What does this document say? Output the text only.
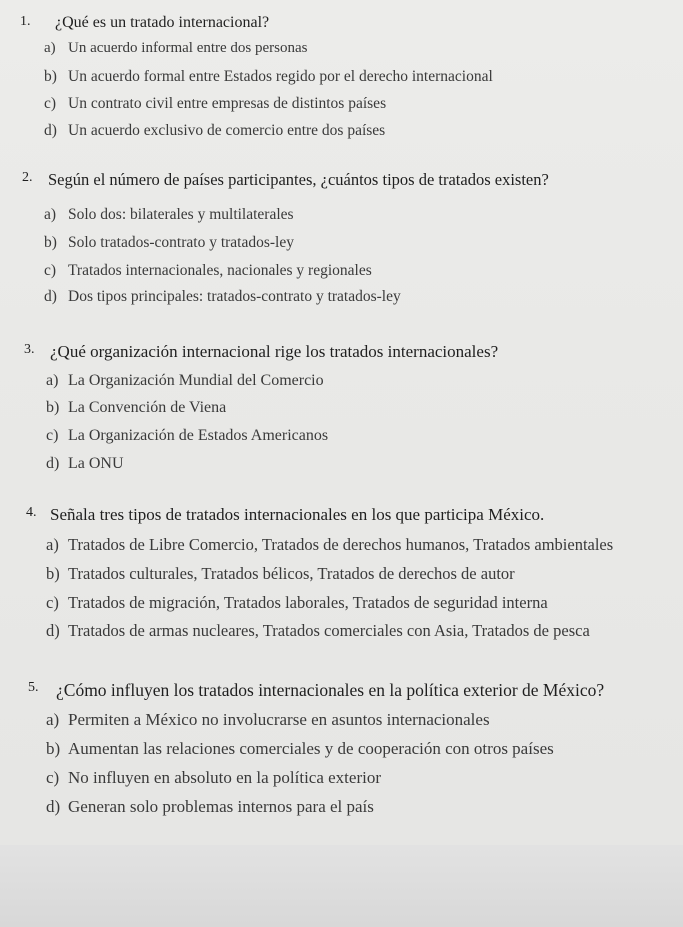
1. ¿Qué es un tratado internacional?
a) Un acuerdo informal entre dos personas
b) Un acuerdo formal entre Estados regido por el derecho internacional
c) Un contrato civil entre empresas de distintos países
d) Un acuerdo exclusivo de comercio entre dos países
2. Según el número de países participantes, ¿cuántos tipos de tratados existen?
a) Solo dos: bilaterales y multilaterales
b) Solo tratados-contrato y tratados-ley
c) Tratados internacionales, nacionales y regionales
d) Dos tipos principales: tratados-contrato y tratados-ley
3. ¿Qué organización internacional rige los tratados internacionales?
a) La Organización Mundial del Comercio
b) La Convención de Viena
c) La Organización de Estados Americanos
d) La ONU
4. Señala tres tipos de tratados internacionales en los que participa México.
a) Tratados de Libre Comercio, Tratados de derechos humanos, Tratados ambientales
b) Tratados culturales, Tratados bélicos, Tratados de derechos de autor
c) Tratados de migración, Tratados laborales, Tratados de seguridad interna
d) Tratados de armas nucleares, Tratados comerciales con Asia, Tratados de pesca
5. ¿Cómo influyen los tratados internacionales en la política exterior de México?
a) Permiten a México no involucrarse en asuntos internacionales
b) Aumentan las relaciones comerciales y de cooperación con otros países
c) No influyen en absoluto en la política exterior
d) Generan solo problemas internos para el país
